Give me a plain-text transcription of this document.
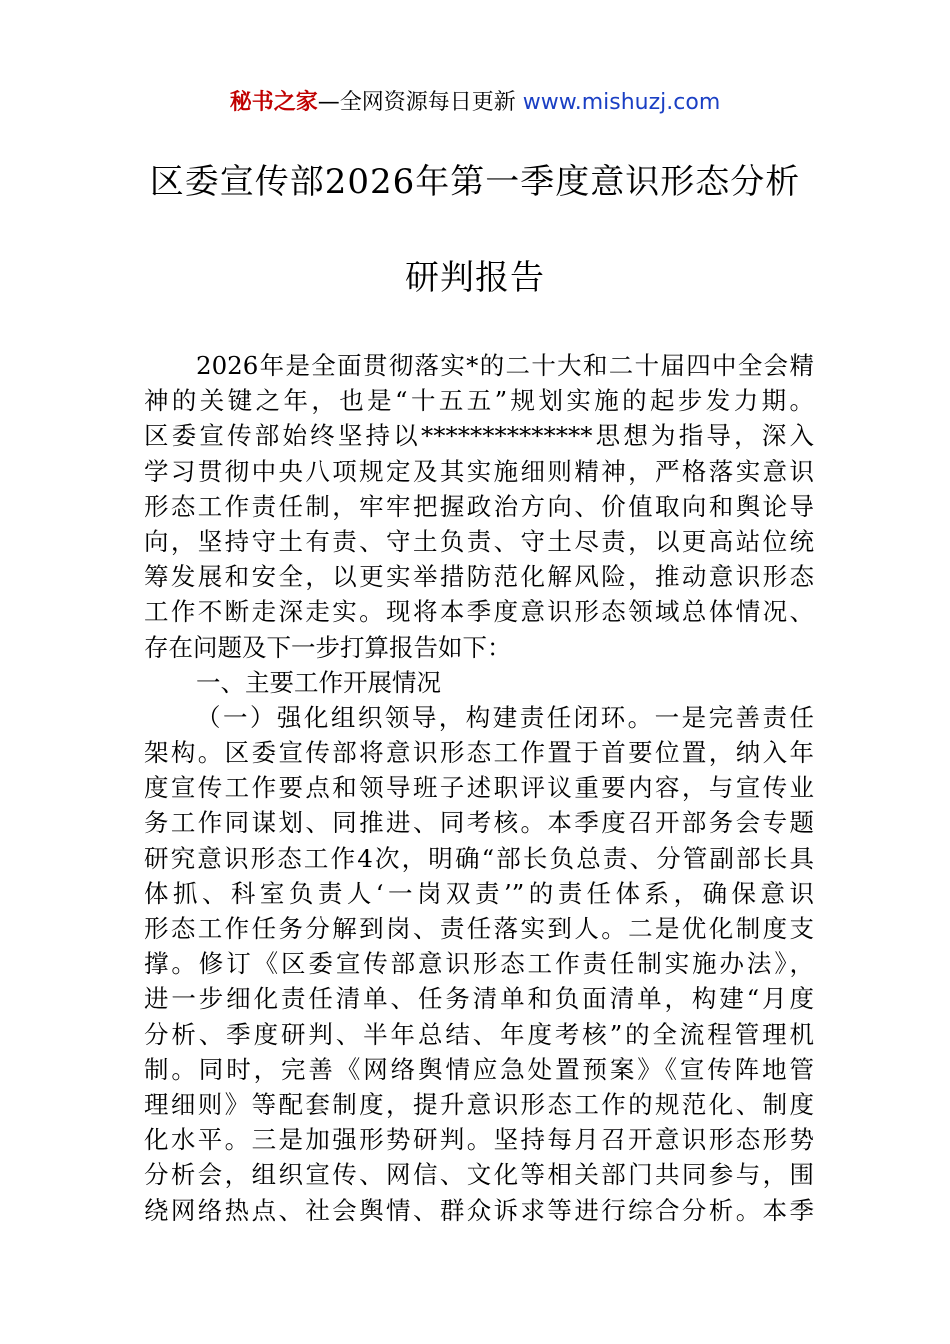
秘书之家—全网资源每日更新 www.mishuzj.com
区委宣传部2026年第一季度意识形态分析
研判报告
2026年是全面贯彻落实*的二十大和二十届四中全会精
神的关键之年，也是“十五五”规划实施的起步发力期。
区委宣传部始终坚持以**************思想为指导，深入
学习贯彻中央八项规定及其实施细则精神，严格落实意识
形态工作责任制，牢牢把握政治方向、价值取向和舆论导
向，坚持守土有责、守土负责、守土尽责，以更高站位统
筹发展和安全，以更实举措防范化解风险，推动意识形态
工作不断走深走实。现将本季度意识形态领域总体情况、
存在问题及下一步打算报告如下：
一、主要工作开展情况
（一）强化组织领导，构建责任闭环。一是完善责任
架构。区委宣传部将意识形态工作置于首要位置，纳入年
度宣传工作要点和领导班子述职评议重要内容，与宣传业
务工作同谋划、同推进、同考核。本季度召开部务会专题
研究意识形态工作4次，明确“部长负总责、分管副部长具
体抓、科室负责人‘一岗双责’”的责任体系，确保意识
形态工作任务分解到岗、责任落实到人。二是优化制度支
撑。修订《区委宣传部意识形态工作责任制实施办法》，
进一步细化责任清单、任务清单和负面清单，构建“月度
分析、季度研判、半年总结、年度考核”的全流程管理机
制。同时，完善《网络舆情应急处置预案》《宣传阵地管
理细则》等配套制度，提升意识形态工作的规范化、制度
化水平。三是加强形势研判。坚持每月召开意识形态形势
分析会，组织宣传、网信、文化等相关部门共同参与，围
绕网络热点、社会舆情、群众诉求等进行综合分析。本季
